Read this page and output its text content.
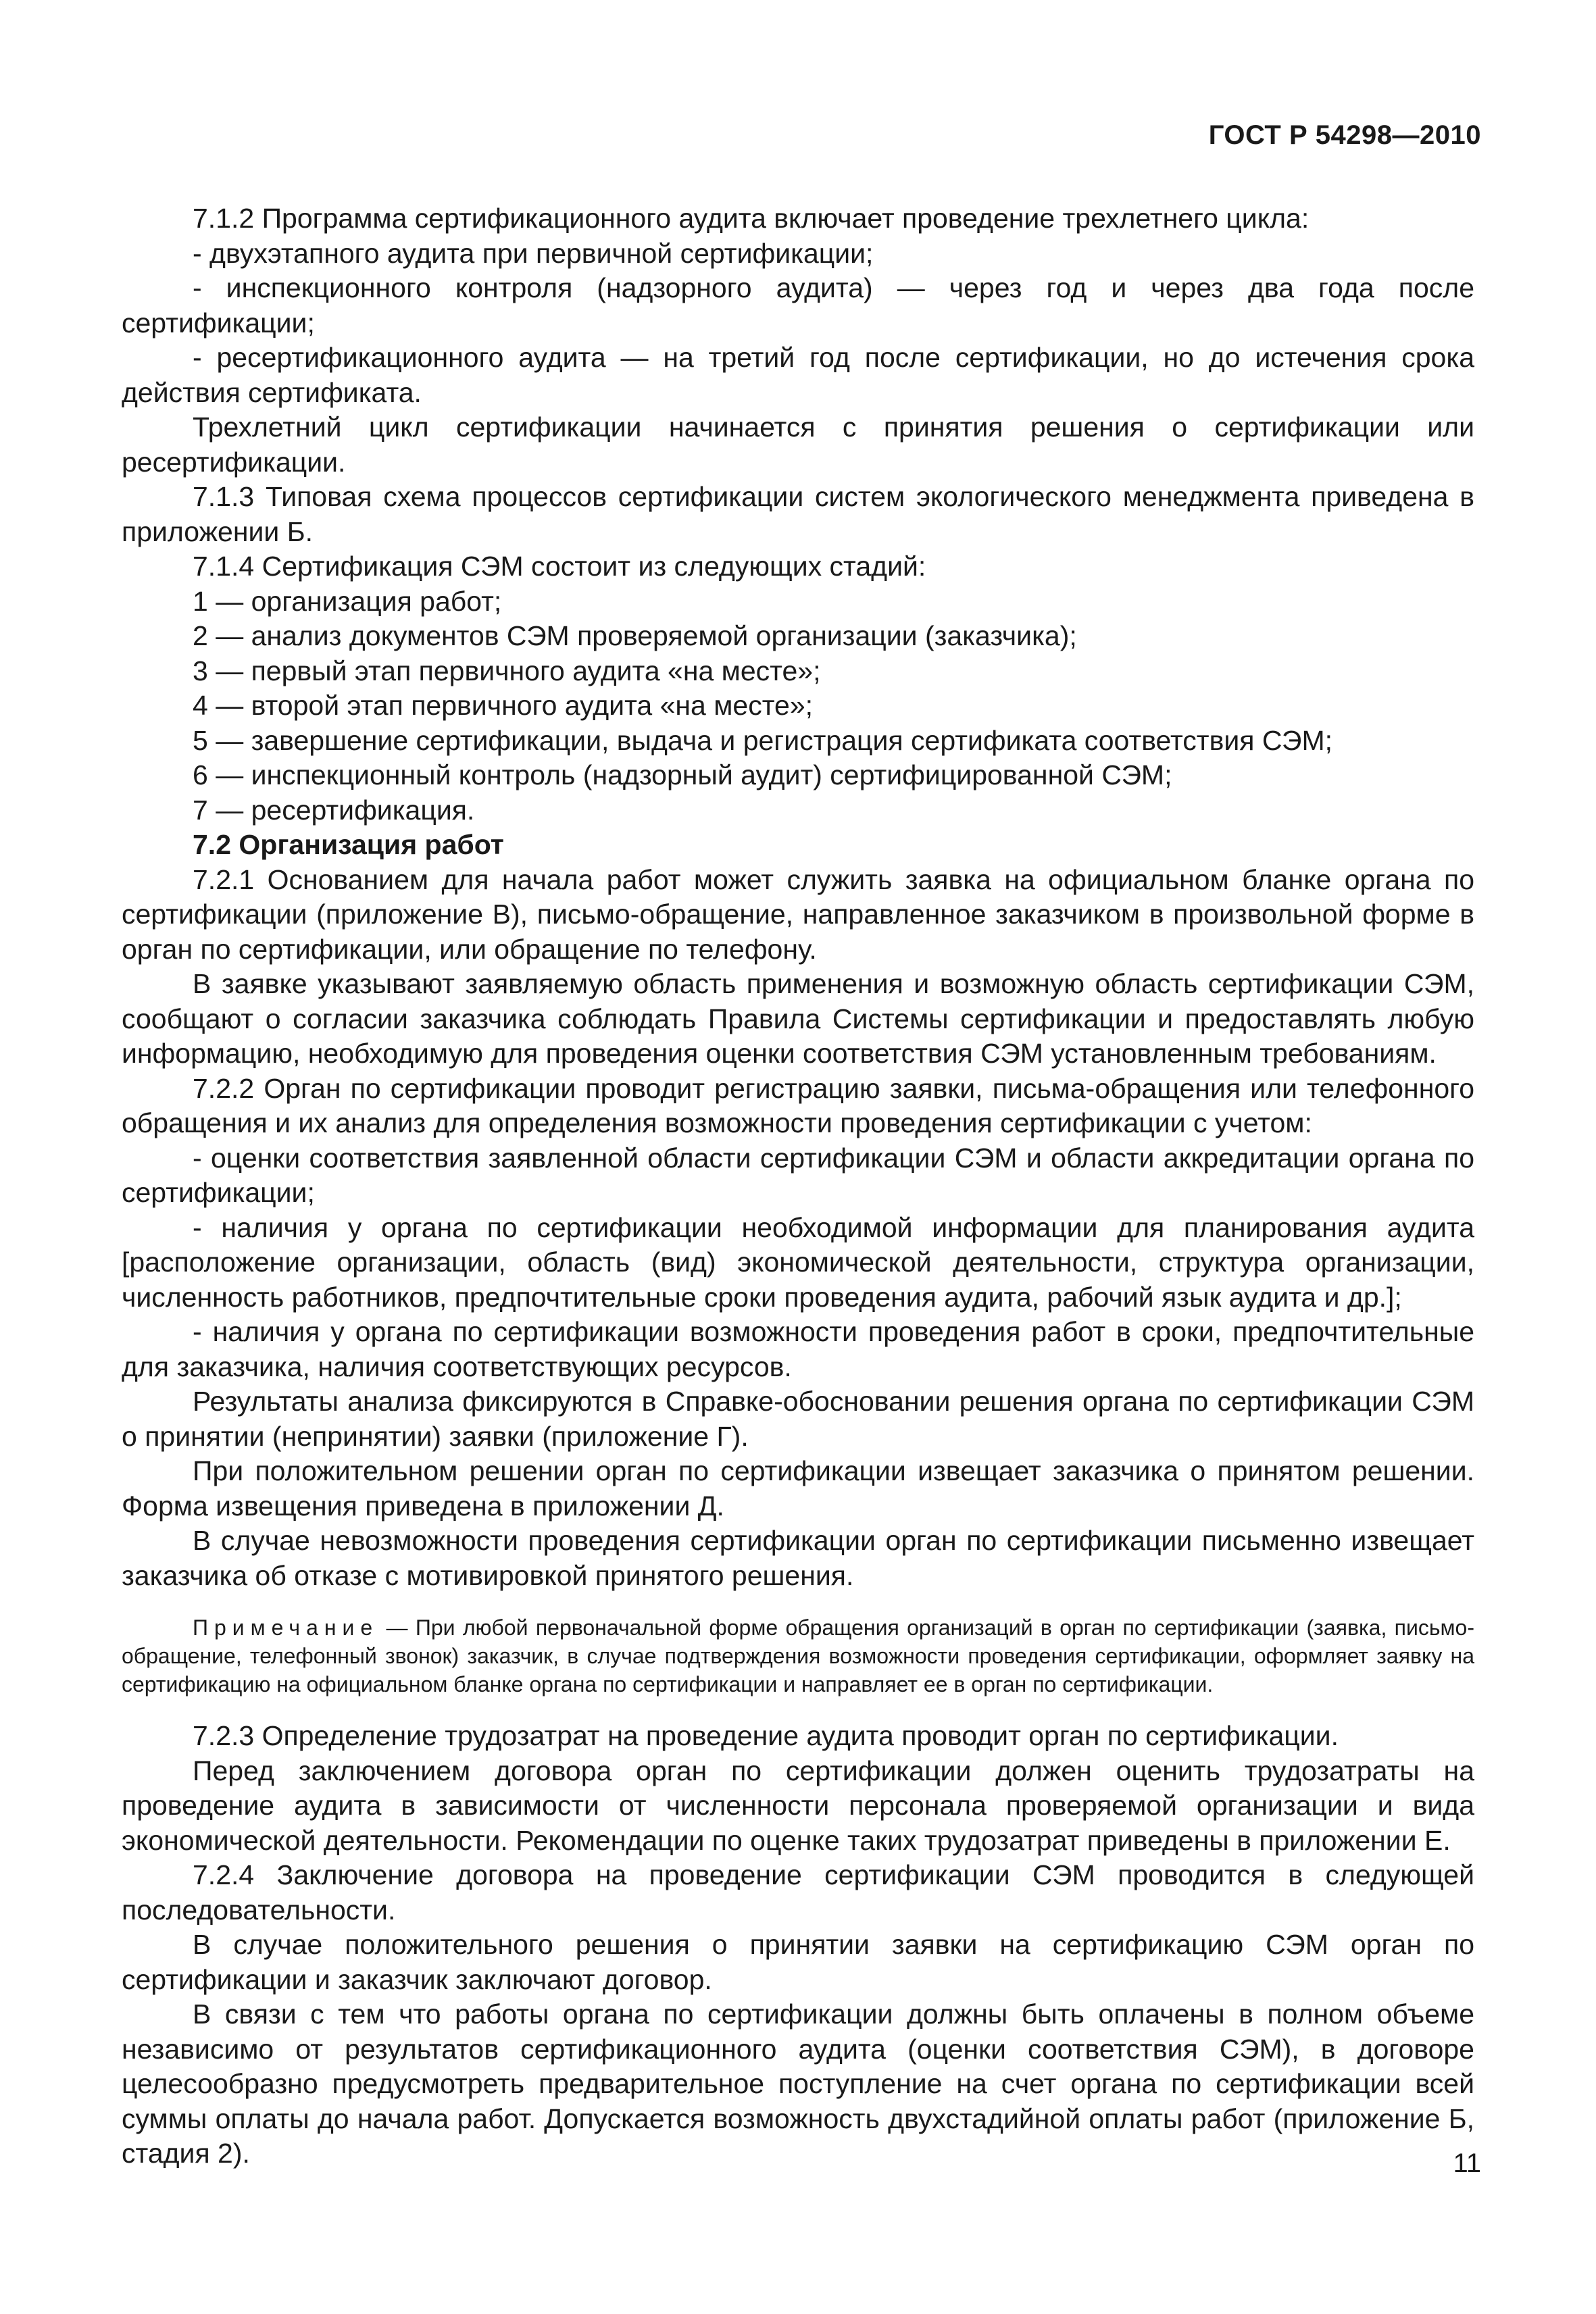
ГОСТ Р 54298—2010

7.1.2 Программа сертификационного аудита включает проведение трехлетнего цикла:

- двухэтапного аудита при первичной сертификации;

- инспекционного контроля (надзорного аудита) — через год и через два года после сертификации;

- ресертификационного аудита — на третий год после сертификации, но до истечения срока действия сертификата.

Трехлетний цикл сертификации начинается с принятия решения о сертификации или ресертификации.

7.1.3 Типовая схема процессов сертификации систем экологического менеджмента приведена в приложении Б.

7.1.4 Сертификация СЭМ состоит из следующих стадий:

1 — организация работ;

2 — анализ документов СЭМ проверяемой организации (заказчика);

3 — первый этап первичного аудита «на месте»;

4 — второй этап первичного аудита «на месте»;

5 — завершение сертификации, выдача и регистрация сертификата соответствия СЭМ;

6 — инспекционный контроль (надзорный аудит) сертифицированной СЭМ;

7 — ресертификация.

7.2 Организация работ

7.2.1 Основанием для начала работ может служить заявка на официальном бланке органа по сертификации (приложение В), письмо-обращение, направленное заказчиком в произвольной форме в орган по сертификации, или обращение по телефону.

В заявке указывают заявляемую область применения и возможную область сертификации СЭМ, сообщают о согласии заказчика соблюдать Правила Системы сертификации и предоставлять любую информацию, необходимую для проведения оценки соответствия СЭМ установленным требованиям.

7.2.2 Орган по сертификации проводит регистрацию заявки, письма-обращения или телефонного обращения и их анализ для определения возможности проведения сертификации с учетом:

- оценки соответствия заявленной области сертификации СЭМ и области аккредитации органа по сертификации;

- наличия у органа по сертификации необходимой информации для планирования аудита [расположение организации, область (вид) экономической деятельности, структура организации, численность работников, предпочтительные сроки проведения аудита, рабочий язык аудита и др.];

- наличия у органа по сертификации возможности проведения работ в сроки, предпочтительные для заказчика, наличия соответствующих ресурсов.

Результаты анализа фиксируются в Справке-обосновании решения органа по сертификации СЭМ о принятии (непринятии) заявки (приложение Г).

При положительном решении орган по сертификации извещает заказчика о принятом решении. Форма извещения приведена в приложении Д.

В случае невозможности проведения сертификации орган по сертификации письменно извещает заказчика об отказе с мотивировкой принятого решения.

Примечание — При любой первоначальной форме обращения организаций в орган по сертификации (заявка, письмо-обращение, телефонный звонок) заказчик, в случае подтверждения возможности проведения сертификации, оформляет заявку на сертификацию на официальном бланке органа по сертификации и направляет ее в орган по сертификации.

7.2.3 Определение трудозатрат на проведение аудита проводит орган по сертификации.

Перед заключением договора орган по сертификации должен оценить трудозатраты на проведение аудита в зависимости от численности персонала проверяемой организации и вида экономической деятельности. Рекомендации по оценке таких трудозатрат приведены в приложении Е.

7.2.4 Заключение договора на проведение сертификации СЭМ проводится в следующей последовательности.

В случае положительного решения о принятии заявки на сертификацию СЭМ орган по сертификации и заказчик заключают договор.

В связи с тем что работы органа по сертификации должны быть оплачены в полном объеме независимо от результатов сертификационного аудита (оценки соответствия СЭМ), в договоре целесообразно предусмотреть предварительное поступление на счет органа по сертификации всей суммы оплаты до начала работ. Допускается возможность двухстадийной оплаты работ (приложение Б, стадия 2).	11
